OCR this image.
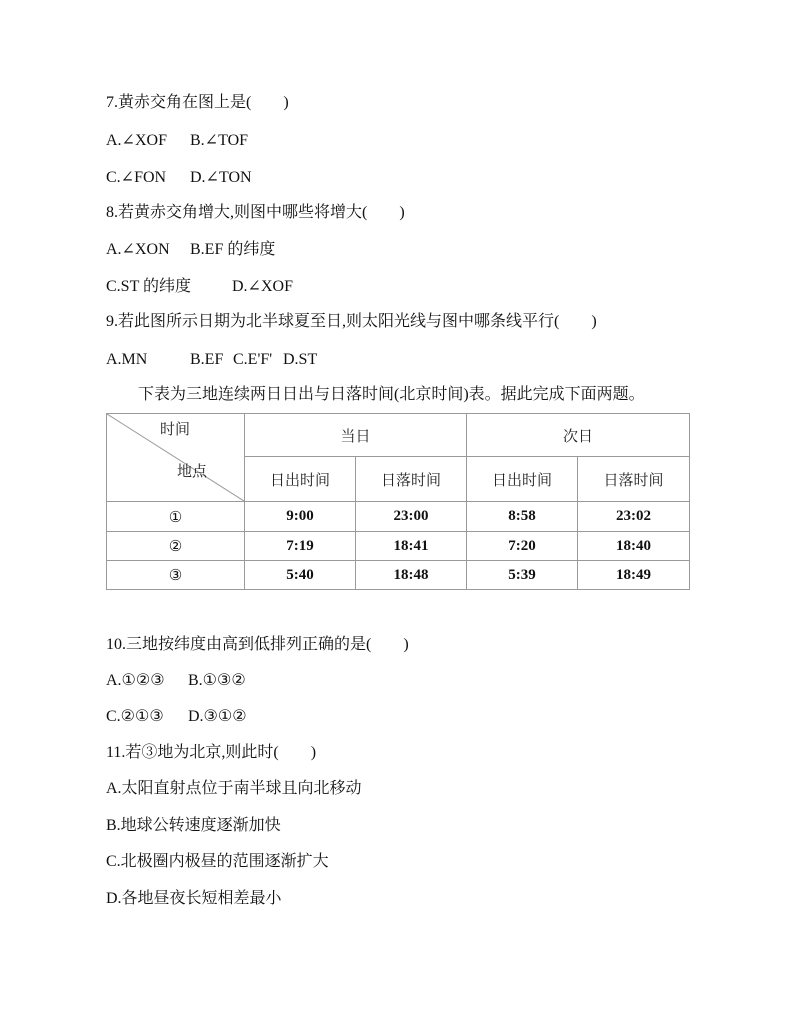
7.黄赤交角在图上是(　　)
A.∠XOF B.∠TOF
C.∠FON D.∠TON
8.若黄赤交角增大,则图中哪些将增大(　　)
A.∠XON B.EF 的纬度
C.ST 的纬度	D.∠XOF
9.若此图所示日期为北半球夏至日,则太阳光线与图中哪条线平行(　　)
A.MN	B.EF C.E'F' D.ST
下表为三地连续两日日出与日落时间(北京时间)表。据此完成下面两题。
时间
地点	当日		次日	
	日出时间	日落时间	日出时间	日落时间
①	9:00	23:00	8:58	23:02
②	7:19	18:41	7:20	18:40
③	5:40	18:48	5:39	18:49
10.三地按纬度由高到低排列正确的是(　　)
A.①②③ B.①③②
C.②①③ D.③①②
11.若③地为北京,则此时(　　)
A.太阳直射点位于南半球且向北移动
B.地球公转速度逐渐加快
C.北极圈内极昼的范围逐渐扩大
D.各地昼夜长短相差最小
